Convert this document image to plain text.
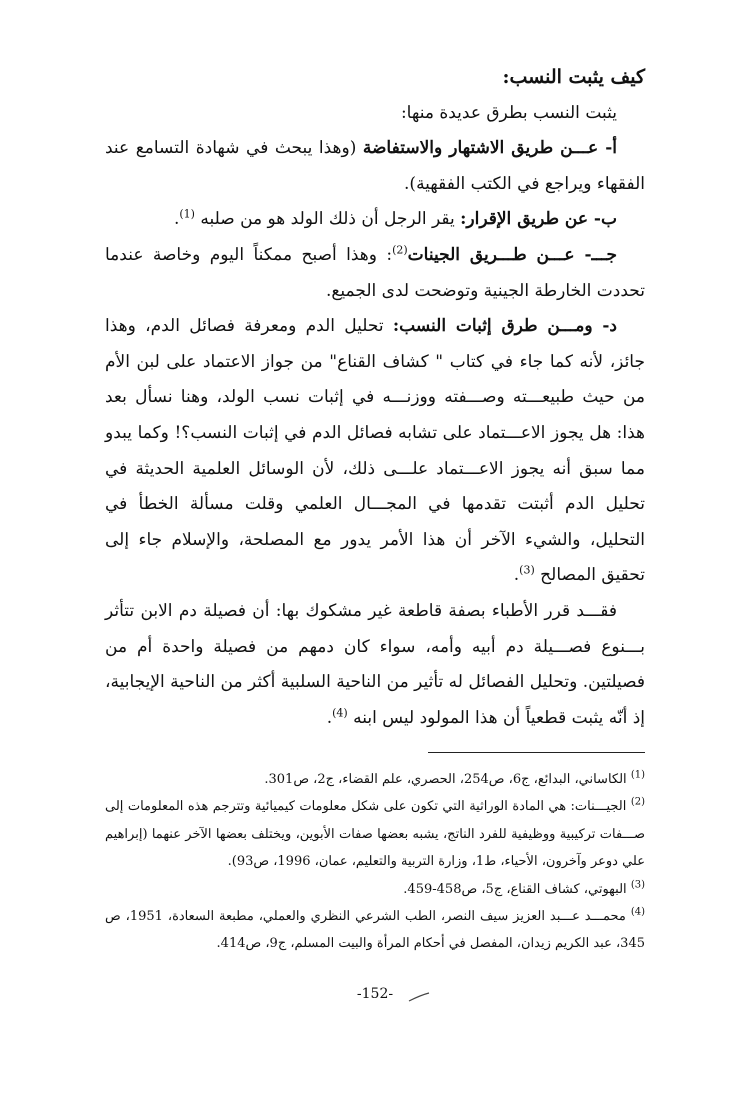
كيف يثبت النسب:

يثبت النسب بطرق عديدة منها:

أ- عـــن طريق الاشتهار والاستفاضة (وهذا يبحث في شهادة التسامع عند الفقهاء ويراجع في الكتب الفقهية).

ب- عن طريق الإقرار: يقر الرجل أن ذلك الولد هو من صلبه $^{(1)}$.

جـــ- عـــن طـــريق الجينات$^{(2)}$: وهذا أصبح ممكناً اليوم وخاصة عندما تحددت الخارطة الجينية وتوضحت لدى الجميع.

د- ومـــن طرق إثبات النسب: تحليل الدم ومعرفة فصائل الدم، وهذا جائز، لأنه كما جاء في كتاب " كشاف القناع" من جواز الاعتماد على لبن الأم من حيث طبيعـــته وصـــفته ووزنـــه في إثبات نسب الولد، وهنا نسأل بعد هذا: هل يجوز الاعـــتماد على تشابه فصائل الدم في إثبات النسب؟! وكما يبدو مما سبق أنه يجوز الاعـــتماد علـــى ذلك، لأن الوسائل العلمية الحديثة في تحليل الدم أثبتت تقدمها في المجـــال العلمي وقلت مسألة الخطأ في التحليل، والشيء الآخر أن هذا الأمر يدور مع المصلحة، والإسلام جاء إلى تحقيق المصالح $^{(3)}$.

فقـــد قرر الأطباء بصفة قاطعة غير مشكوك بها: أن فصيلة دم الابن تتأثر بـــنوع فصـــيلة دم أبيه وأمه، سواء كان دمهم من فصيلة واحدة أم من فصيلتين. وتحليل الفصائل له تأثير من الناحية السلبية أكثر من الناحية الإيجابية، إذ أنّه يثبت قطعياً أن هذا المولود ليس ابنه $^{(4)}$.

$^{(1)}$ الكاساني، البدائع، ج6، ص254، الحصري، علم القضاء، ج2، ص301.

$^{(2)}$ الجيـــنات: هي المادة الوراثية التي تكون على شكل معلومات كيميائية وتترجم هذه المعلومات إلى صـــفات تركيبية ووظيفية للفرد الناتج، يشبه بعضها صفات الأبوين، ويختلف بعضها الآخر عنهما (إبراهيم علي دوعر وآخرون، الأحياء، ط1، وزارة التربية والتعليم، عمان، 1996، ص93).

$^{(3)}$ البهوتي، كشاف القناع، ج5، ص458-459.

$^{(4)}$ محمـــد عـــبد العزيز سيف النصر، الطب الشرعي النظري والعملي، مطبعة السعادة، 1951، ص 345، عبد الكريم زيدان، المفصل في أحكام المرأة والبيت المسلم، ج9، ص414.

-152-
